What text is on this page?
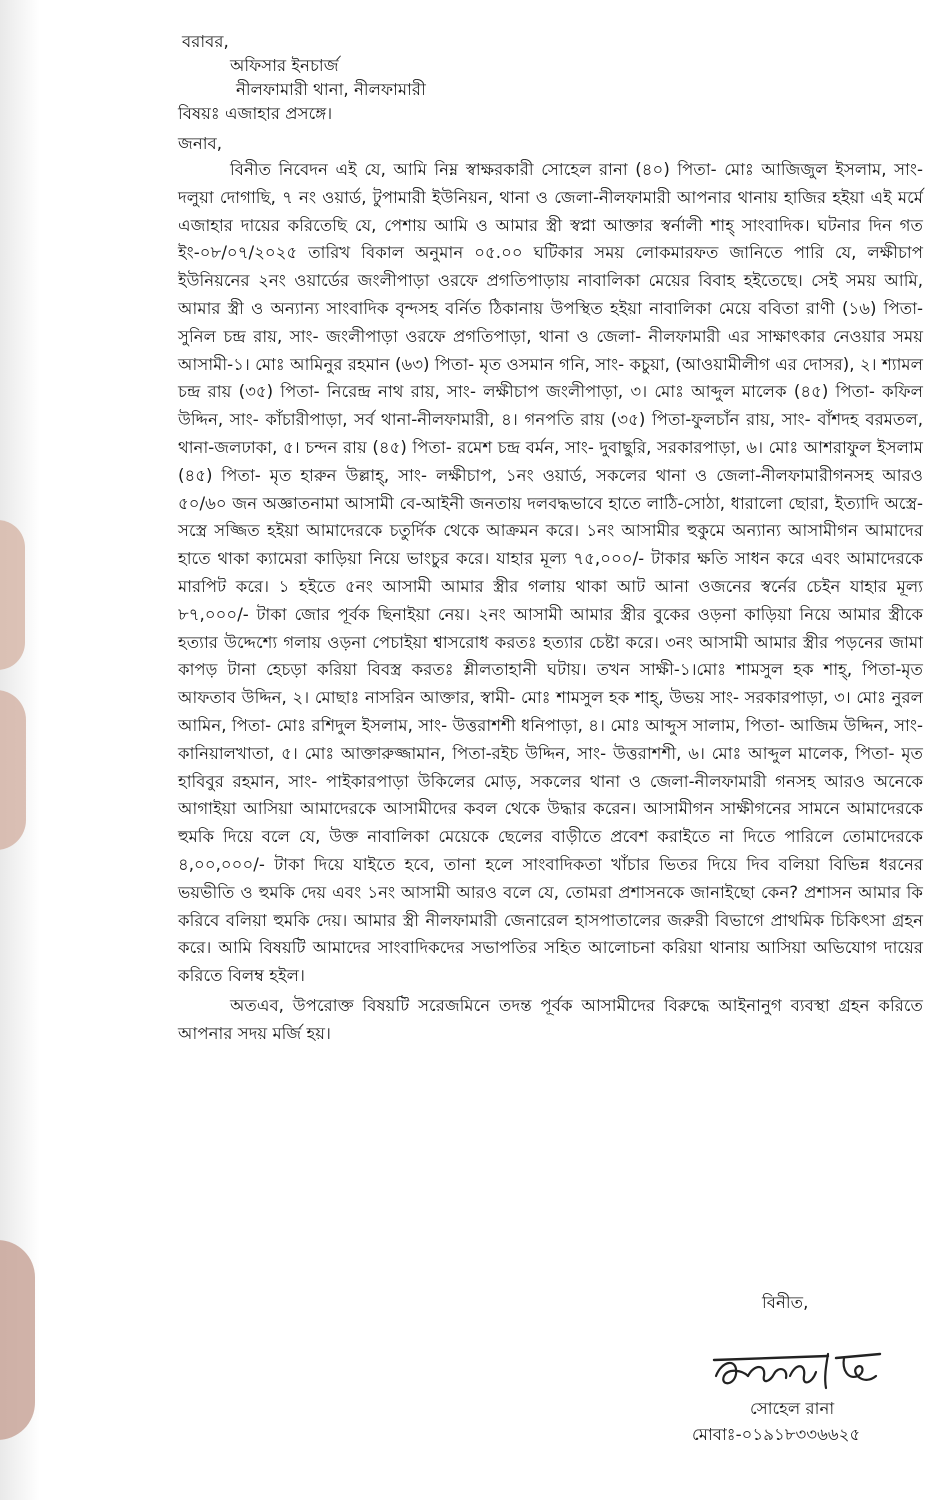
বরাবর,

অফিসার ইনচার্জ

নীলফামারী থানা, নীলফামারী

বিষয়ঃ এজাহার প্রসঙ্গে।

জনাব,

বিনীত নিবেদন এই যে, আমি নিম্ন স্বাক্ষরকারী সোহেল রানা (৪০) পিতা- মোঃ আজিজুল ইসলাম, সাং- দলুয়া দোগাছি, ৭ নং ওয়ার্ড, টুপামারী ইউনিয়ন, থানা ও জেলা-নীলফামারী আপনার থানায় হাজির হইয়া এই মর্মে এজাহার দায়ের করিতেছি যে, পেশায় আমি ও আমার স্ত্রী স্বপ্না আক্তার স্বর্নালী শাহ্ সাংবাদিক। ঘটনার দিন গত ইং-০৮/০৭/২০২৫ তারিখ বিকাল অনুমান ০৫.০০ ঘটিকার সময় লোকমারফত জানিতে পারি যে, লক্ষীচাপ ইউনিয়নের ২নং ওয়ার্ডের জংলীপাড়া ওরফে প্রগতিপাড়ায় নাবালিকা মেয়ের বিবাহ হইতেছে। সেই সময় আমি, আমার স্ত্রী ও অন্যান্য সাংবাদিক বৃন্দসহ বর্নিত ঠিকানায় উপস্থিত হইয়া নাবালিকা মেয়ে ববিতা রাণী (১৬) পিতা- সুনিল চন্দ্র রায়, সাং- জংলীপাড়া ওরফে প্রগতিপাড়া, থানা ও জেলা- নীলফামারী এর সাক্ষাৎকার নেওয়ার সময় আসামী-১। মোঃ আমিনুর রহমান (৬৩) পিতা- মৃত ওসমান গনি, সাং- কচুয়া, (আওয়ামীলীগ এর দোসর), ২। শ্যামল চন্দ্র রায় (৩৫) পিতা- নিরেন্দ্র নাথ রায়, সাং- লক্ষীচাপ জংলীপাড়া, ৩। মোঃ আব্দুল মালেক (৪৫) পিতা- কফিল উদ্দিন, সাং- কাঁচারীপাড়া, সর্ব থানা-নীলফামারী, ৪। গনপতি রায় (৩৫) পিতা-ফুলচাঁন রায়, সাং- বাঁশদহ বরমতল, থানা-জলঢাকা, ৫। চন্দন রায় (৪৫) পিতা- রমেশ চন্দ্র বর্মন, সাং- দুবাছুরি, সরকারপাড়া, ৬। মোঃ আশরাফুল ইসলাম (৪৫) পিতা- মৃত হারুন উল্লাহ্, সাং- লক্ষীচাপ, ১নং ওয়ার্ড, সকলের থানা ও জেলা-নীলফামারীগনসহ আরও ৫০/৬০ জন অজ্ঞাতনামা আসামী বে-আইনী জনতায় দলবদ্ধভাবে হাতে লাঠি-সোঠা, ধারালো ছোরা, ইত্যাদি অস্ত্রে-সস্ত্রে সজ্জিত হইয়া আমাদেরকে চতুর্দিক থেকে আক্রমন করে। ১নং আসামীর হুকুমে অন্যান্য আসামীগন আমাদের হাতে থাকা ক্যামেরা কাড়িয়া নিয়ে ভাংচুর করে। যাহার মূল্য ৭৫,০০০/- টাকার ক্ষতি সাধন করে এবং আমাদেরকে মারপিট করে। ১ হইতে ৫নং আসামী আমার স্ত্রীর গলায় থাকা আট আনা ওজনের স্বর্নের চেইন যাহার মূল্য ৮৭,০০০/- টাকা জোর পূর্বক ছিনাইয়া নেয়। ২নং আসামী আমার স্ত্রীর বুকের ওড়না কাড়িয়া নিয়ে আমার স্ত্রীকে হত্যার উদ্দেশ্যে গলায় ওড়না পেচাইয়া শ্বাসরোধ করতঃ হত্যার চেষ্টা করে। ৩নং আসামী আমার স্ত্রীর পড়নের জামা কাপড় টানা হেচড়া করিয়া বিবস্ত্র করতঃ শ্লীলতাহানী ঘটায়। তখন সাক্ষী-১।মোঃ শামসুল হক শাহ্, পিতা-মৃত আফতাব উদ্দিন, ২। মোছাঃ নাসরিন আক্তার, স্বামী- মোঃ শামসুল হক শাহ্, উভয় সাং- সরকারপাড়া, ৩। মোঃ নুরল আমিন, পিতা- মোঃ রশিদুল ইসলাম, সাং- উত্তরাশশী ধনিপাড়া, ৪। মোঃ আব্দুস সালাম, পিতা- আজিম উদ্দিন, সাং- কানিয়ালখাতা, ৫। মোঃ আক্তারুজ্জামান, পিতা-রইচ উদ্দিন, সাং- উত্তরাশশী, ৬। মোঃ আব্দুল মালেক, পিতা- মৃত হাবিবুর রহমান, সাং- পাইকারপাড়া উকিলের মোড়, সকলের থানা ও জেলা-নীলফামারী গনসহ আরও অনেকে আগাইয়া আসিয়া আমাদেরকে আসামীদের কবল থেকে উদ্ধার করেন। আসামীগন সাক্ষীগনের সামনে আমাদেরকে হুমকি দিয়ে বলে যে, উক্ত নাবালিকা মেয়েকে ছেলের বাড়ীতে প্রবেশ করাইতে না দিতে পারিলে তোমাদেরকে ৪,০০,০০০/- টাকা দিয়ে যাইতে হবে, তানা হলে সাংবাদিকতা খাঁচার ভিতর দিয়ে দিব বলিয়া বিভিন্ন ধরনের ভয়ভীতি ও হুমকি দেয় এবং ১নং আসামী আরও বলে যে, তোমরা প্রশাসনকে জানাইছো কেন? প্রশাসন আমার কি করিবে বলিয়া হুমকি দেয়। আমার স্ত্রী নীলফামারী জেনারেল হাসপাতালের জরুরী বিভাগে প্রাথমিক চিকিৎসা গ্রহন করে। আমি বিষয়টি আমাদের সাংবাদিকদের সভাপতির সহিত আলোচনা করিয়া থানায় আসিয়া অভিযোগ দায়ের করিতে বিলম্ব হইল।

অতএব, উপরোক্ত বিষয়টি সরেজমিনে তদন্ত পূর্বক আসামীদের বিরুদ্ধে আইনানুগ ব্যবস্থা গ্রহন করিতে আপনার সদয় মর্জি হয়।

বিনীত,
সোহেল রানা
মোবাঃ-০১৯১৮৩৩৬৬২৫
